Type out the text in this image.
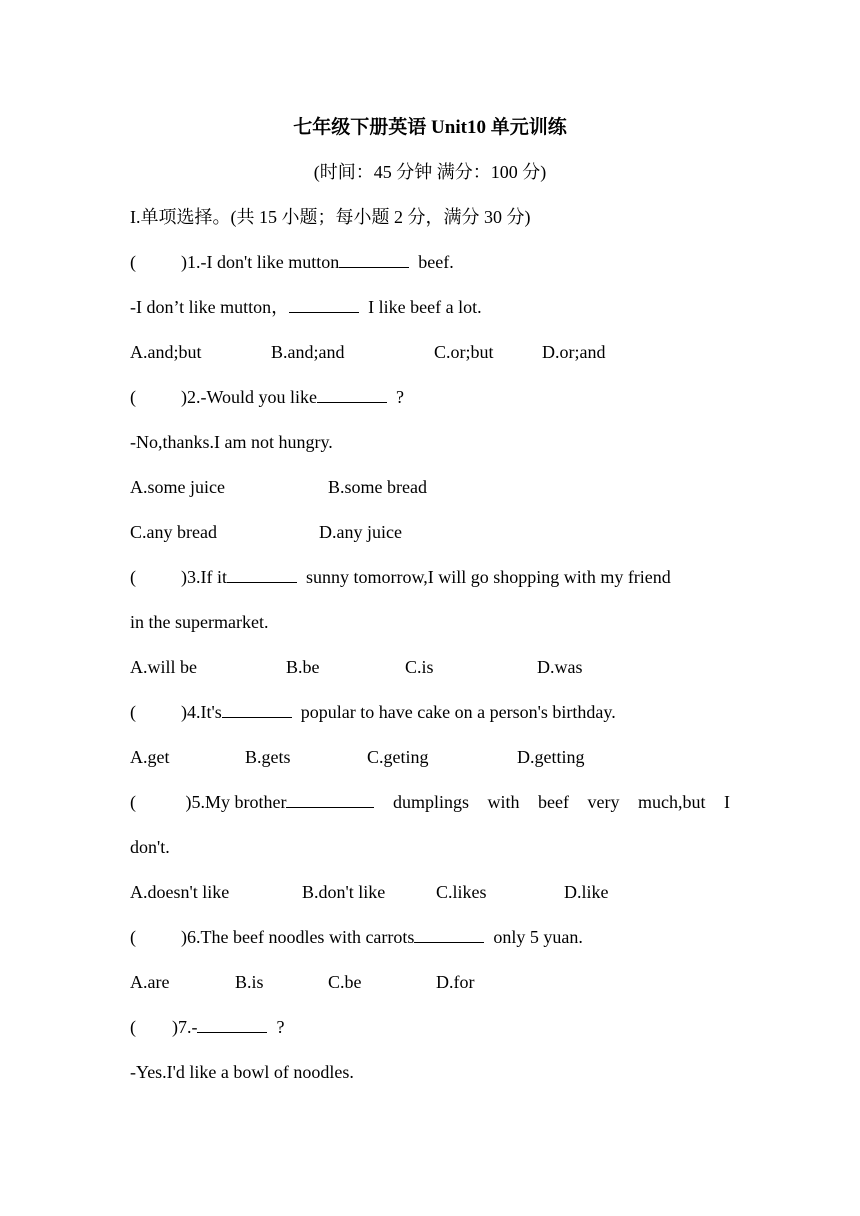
七年级下册英语 Unit10 单元训练
(时间：45 分钟 满分：100 分)
I.单项选择。(共 15 小题；每小题 2 分，满分 30 分)
(          )1.-I don't like mutton	beef.
-I don’t like mutton，	I like beef a lot.
A.and;but	B.and;and	C.or;but	D.or;and
(          )2.-Would you like	?
-No,thanks.I am not hungry.
A.some juice	B.some bread
C.any bread	D.any juice
(          )3.If it	sunny tomorrow,I will go shopping with my friend
in the supermarket.
A.will be	B.be	C.is	D.was
(          )4.It's	popular to have cake on a person's birthday.
A.get	B.gets	C.geting	D.getting
(           )5.My brother	dumplings with beef very much,but I
don't.
A.doesn't like	B.don't like	C.likes	D.like
(          )6.The beef noodles with carrots	only 5 yuan.
A.are	B.is	C.be	D.for
(        )7.-	?
-Yes.I'd like a bowl of noodles.
